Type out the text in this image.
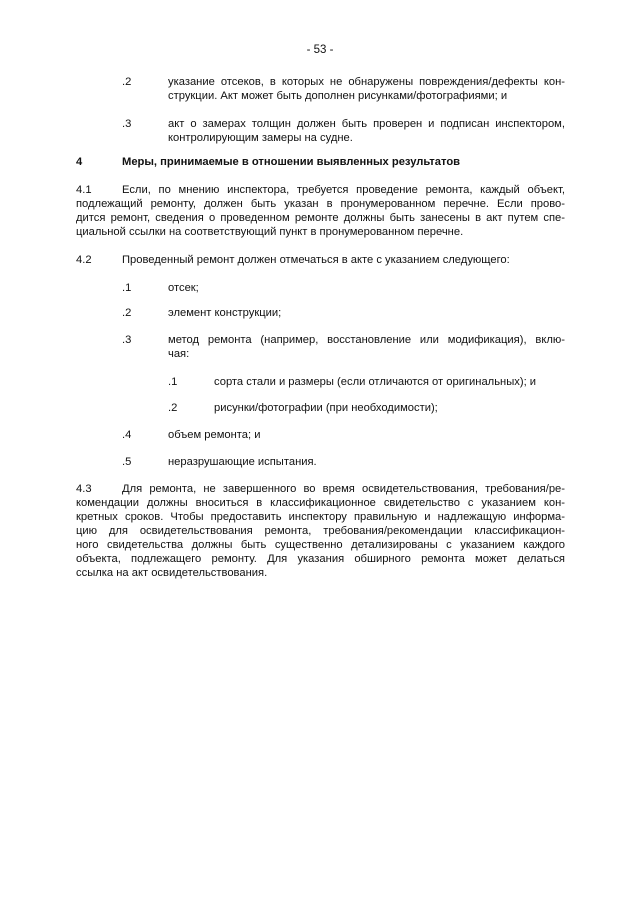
- 53 -
.2	указание отсеков, в которых не обнаружены повреждения/дефекты кон-
струкции. Акт может быть дополнен рисунками/фотографиями; и
.3	акт о замерах толщин должен быть проверен и подписан инспектором,
контролирующим замеры на судне.
4	Меры, принимаемые в отношении выявленных результатов
4.1	Если, по мнению инспектора, требуется проведение ремонта, каждый объект,
подлежащий ремонту, должен быть указан в пронумерованном перечне. Если прово-
дится ремонт, сведения о проведенном ремонте должны быть занесены в акт путем спе-
циальной ссылки на соответствующий пункт в пронумерованном перечне.
4.2	Проведенный ремонт должен отмечаться в акте с указанием следующего:
.1	отсек;
.2	элемент конструкции;
.3	метод ремонта (например, восстановление или модификация), вклю-
чая:
.1	сорта стали и размеры (если отличаются от оригинальных); и
.2	рисунки/фотографии (при необходимости);
.4	объем ремонта; и
.5	неразрушающие испытания.
4.3	Для ремонта, не завершенного во время освидетельствования, требования/ре-
комендации должны вноситься в классификационное свидетельство с указанием кон-
кретных сроков. Чтобы предоставить инспектору правильную и надлежащую информа-
цию для освидетельствования ремонта, требования/рекомендации классификацион-
ного свидетельства должны быть существенно детализированы с указанием каждого
объекта, подлежащего ремонту. Для указания обширного ремонта может делаться
ссылка на акт освидетельствования.
